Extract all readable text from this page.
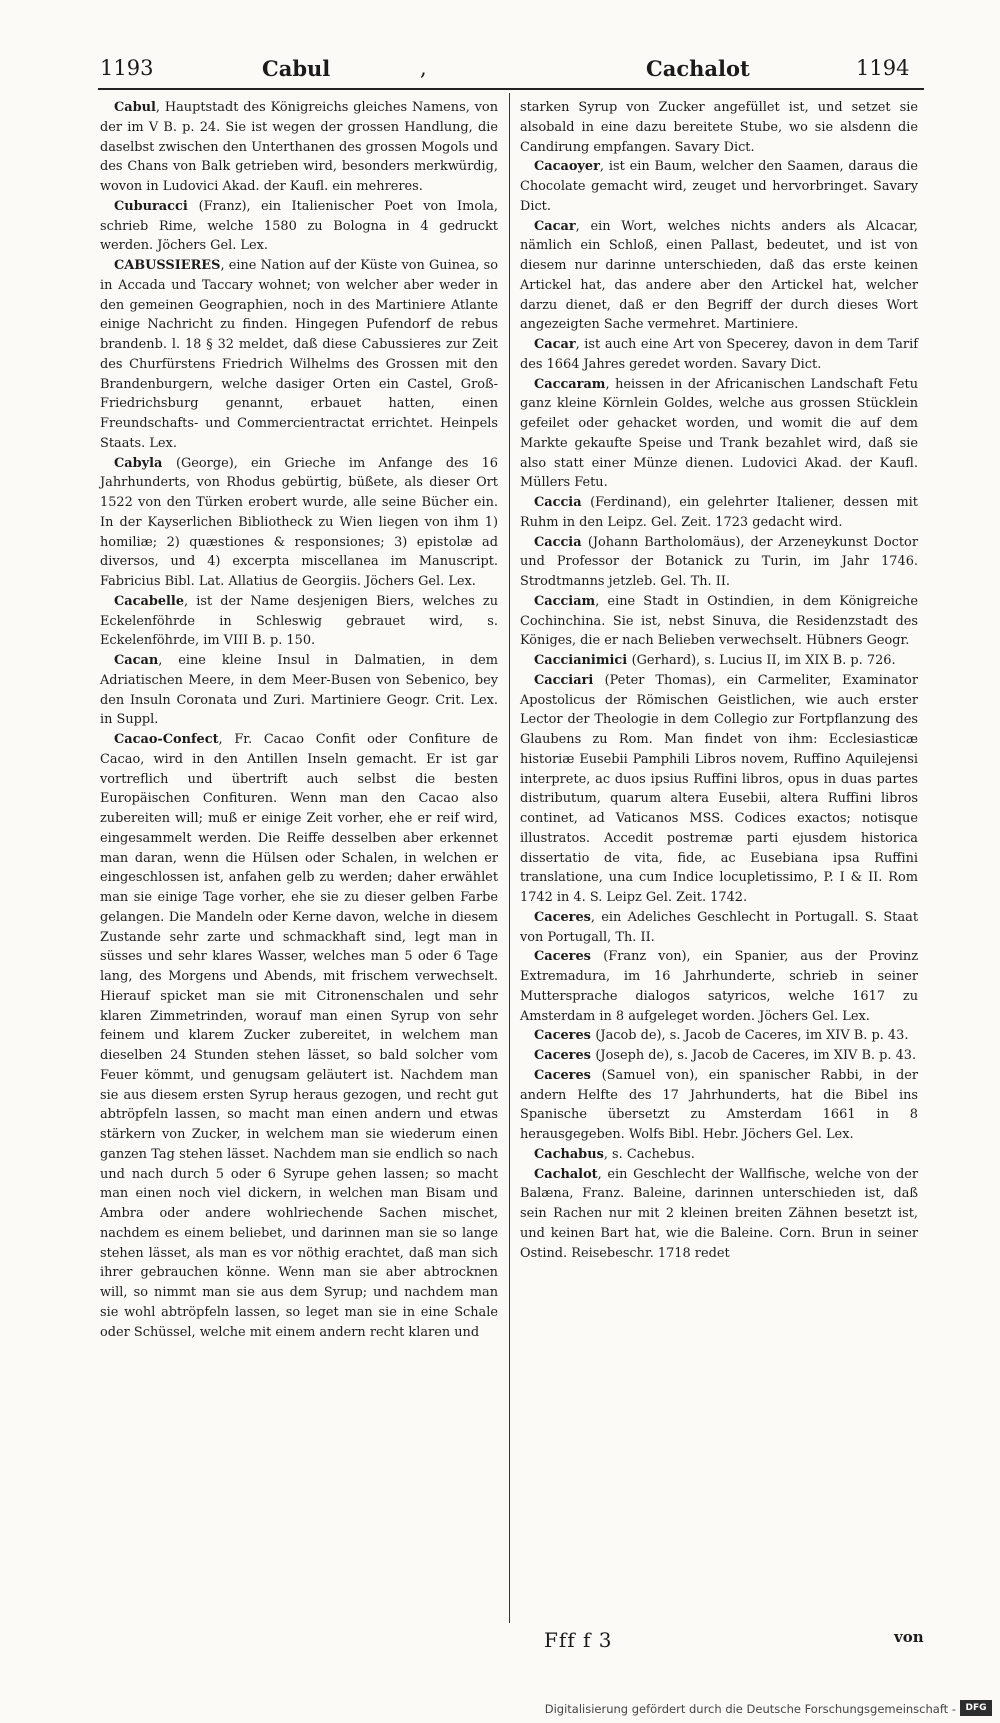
1193	Cabul	,	Cachalot	1194

Cabul, Hauptstadt des Königreichs gleiches Namens, von der im V B. p. 24. Sie ist wegen der grossen Handlung, die daselbst zwischen den Unterthanen des grossen Mogols und des Chans von Balk getrieben wird, besonders merkwürdig, wovon in Ludovici Akad. der Kaufl. ein mehreres.

Cuburacci (Franz), ein Italienischer Poet von Imola, schrieb Rime, welche 1580 zu Bologna in 4 gedruckt werden. Jöchers Gel. Lex.

CABUSSIERES, eine Nation auf der Küste von Guinea, so in Accada und Taccary wohnet; von welcher aber weder in den gemeinen Geographien, noch in des Martiniere Atlante einige Nachricht zu finden. Hingegen Pufendorf de rebus brandenb. l. 18 § 32 meldet, daß diese Cabussieres zur Zeit des Churfürstens Friedrich Wilhelms des Grossen mit den Brandenburgern, welche dasiger Orten ein Castel, Groß-Friedrichsburg genannt, erbauet hatten, einen Freundschafts- und Commercientractat errichtet. Heinpels Staats. Lex.

Cabyla (George), ein Grieche im Anfange des 16 Jahrhunderts, von Rhodus gebürtig, büßete, als dieser Ort 1522 von den Türken erobert wurde, alle seine Bücher ein. In der Kayserlichen Bibliotheck zu Wien liegen von ihm 1) homiliæ; 2) quæstiones & responsiones; 3) epistolæ ad diversos, und 4) excerpta miscellanea im Manuscript. Fabricius Bibl. Lat. Allatius de Georgiis. Jöchers Gel. Lex.

Cacabelle, ist der Name desjenigen Biers, welches zu Eckelenföhrde in Schleswig gebrauet wird, s. Eckelenföhrde, im VIII B. p. 150.

Cacan, eine kleine Insul in Dalmatien, in dem Adriatischen Meere, in dem Meer-Busen von Sebenico, bey den Insuln Coronata und Zuri. Martiniere Geogr. Crit. Lex. in Suppl.

Cacao-Confect, Fr. Cacao Confit oder Confiture de Cacao, wird in den Antillen Inseln gemacht. Er ist gar vortreflich und übertrift auch selbst die besten Europäischen Confituren. Wenn man den Cacao also zubereiten will; muß er einige Zeit vorher, ehe er reif wird, eingesammelt werden. Die Reiffe desselben aber erkennet man daran, wenn die Hülsen oder Schalen, in welchen er eingeschlossen ist, anfahen gelb zu werden; daher erwählet man sie einige Tage vorher, ehe sie zu dieser gelben Farbe gelangen. Die Mandeln oder Kerne davon, welche in diesem Zustande sehr zarte und schmackhaft sind, legt man in süsses und sehr klares Wasser, welches man 5 oder 6 Tage lang, des Morgens und Abends, mit frischem verwechselt. Hierauf spicket man sie mit Citronenschalen und sehr klaren Zimmetrinden, worauf man einen Syrup von sehr feinem und klarem Zucker zubereitet, in welchem man dieselben 24 Stunden stehen lässet, so bald solcher vom Feuer kömmt, und genugsam geläutert ist. Nachdem man sie aus diesem ersten Syrup heraus gezogen, und recht gut abtröpfeln lassen, so macht man einen andern und etwas stärkern von Zucker, in welchem man sie wiederum einen ganzen Tag stehen lässet. Nachdem man sie endlich so nach und nach durch 5 oder 6 Syrupe gehen lassen; so macht man einen noch viel dickern, in welchen man Bisam und Ambra oder andere wohlriechende Sachen mischet, nachdem es einem beliebet, und darinnen man sie so lange stehen lässet, als man es vor nöthig erachtet, daß man sich ihrer gebrauchen könne. Wenn man sie aber abtrocknen will, so nimmt man sie aus dem Syrup; und nachdem man sie wohl abtröpfeln lassen, so leget man sie in eine Schale oder Schüssel, welche mit einem andern recht klaren und

starken Syrup von Zucker angefüllet ist, und setzet sie alsobald in eine dazu bereitete Stube, wo sie alsdenn die Candirung empfangen. Savary Dict.

Cacaoyer, ist ein Baum, welcher den Saamen, daraus die Chocolate gemacht wird, zeuget und hervorbringet. Savary Dict.

Cacar, ein Wort, welches nichts anders als Alcacar, nämlich ein Schloß, einen Pallast, bedeutet, und ist von diesem nur darinne unterschieden, daß das erste keinen Artickel hat, das andere aber den Artickel hat, welcher darzu dienet, daß er den Begriff der durch dieses Wort angezeigten Sache vermehret. Martiniere.

Cacar, ist auch eine Art von Specerey, davon in dem Tarif des 1664 Jahres geredet worden. Savary Dict.

Caccaram, heissen in der Africanischen Landschaft Fetu ganz kleine Körnlein Goldes, welche aus grossen Stücklein gefeilet oder gehacket worden, und womit die auf dem Markte gekaufte Speise und Trank bezahlet wird, daß sie also statt einer Münze dienen. Ludovici Akad. der Kaufl. Müllers Fetu.

Caccia (Ferdinand), ein gelehrter Italiener, dessen mit Ruhm in den Leipz. Gel. Zeit. 1723 gedacht wird.

Caccia (Johann Bartholomäus), der Arzeneykunst Doctor und Professor der Botanick zu Turin, im Jahr 1746. Strodtmanns jetzleb. Gel. Th. II.

Cacciam, eine Stadt in Ostindien, in dem Königreiche Cochinchina. Sie ist, nebst Sinuva, die Residenzstadt des Königes, die er nach Belieben verwechselt. Hübners Geogr.

Caccianimici (Gerhard), s. Lucius II, im XIX B. p. 726.

Cacciari (Peter Thomas), ein Carmeliter, Examinator Apostolicus der Römischen Geistlichen, wie auch erster Lector der Theologie in dem Collegio zur Fortpflanzung des Glaubens zu Rom. Man findet von ihm: Ecclesiasticæ historiæ Eusebii Pamphili Libros novem, Ruffino Aquilejensi interprete, ac duos ipsius Ruffini libros, opus in duas partes distributum, quarum altera Eusebii, altera Ruffini libros continet, ad Vaticanos MSS. Codices exactos; notisque illustratos. Accedit postremæ parti ejusdem historica dissertatio de vita, fide, ac Eusebiana ipsa Ruffini translatione, una cum Indice locupletissimo, P. I & II. Rom 1742 in 4. S. Leipz Gel. Zeit. 1742.

Caceres, ein Adeliches Geschlecht in Portugall. S. Staat von Portugall, Th. II.

Caceres (Franz von), ein Spanier, aus der Provinz Extremadura, im 16 Jahrhunderte, schrieb in seiner Muttersprache dialogos satyricos, welche 1617 zu Amsterdam in 8 aufgeleget worden. Jöchers Gel. Lex.

Caceres (Jacob de), s. Jacob de Caceres, im XIV B. p. 43.

Caceres (Joseph de), s. Jacob de Caceres, im XIV B. p. 43.

Caceres (Samuel von), ein spanischer Rabbi, in der andern Helfte des 17 Jahrhunderts, hat die Bibel ins Spanische übersetzt zu Amsterdam 1661 in 8 herausgegeben. Wolfs Bibl. Hebr. Jöchers Gel. Lex.

Cachabus, s. Cachebus.

Cachalot, ein Geschlecht der Wallfische, welche von der Balæna, Franz. Baleine, darinnen unterschieden ist, daß sein Rachen nur mit 2 kleinen breiten Zähnen besetzt ist, und keinen Bart hat, wie die Baleine. Corn. Brun in seiner Ostind. Reisebeschr. 1718 redet

Fff f 3	von
Digitalisierung gefördert durch die Deutsche Forschungsgemeinschaft -	DFG
